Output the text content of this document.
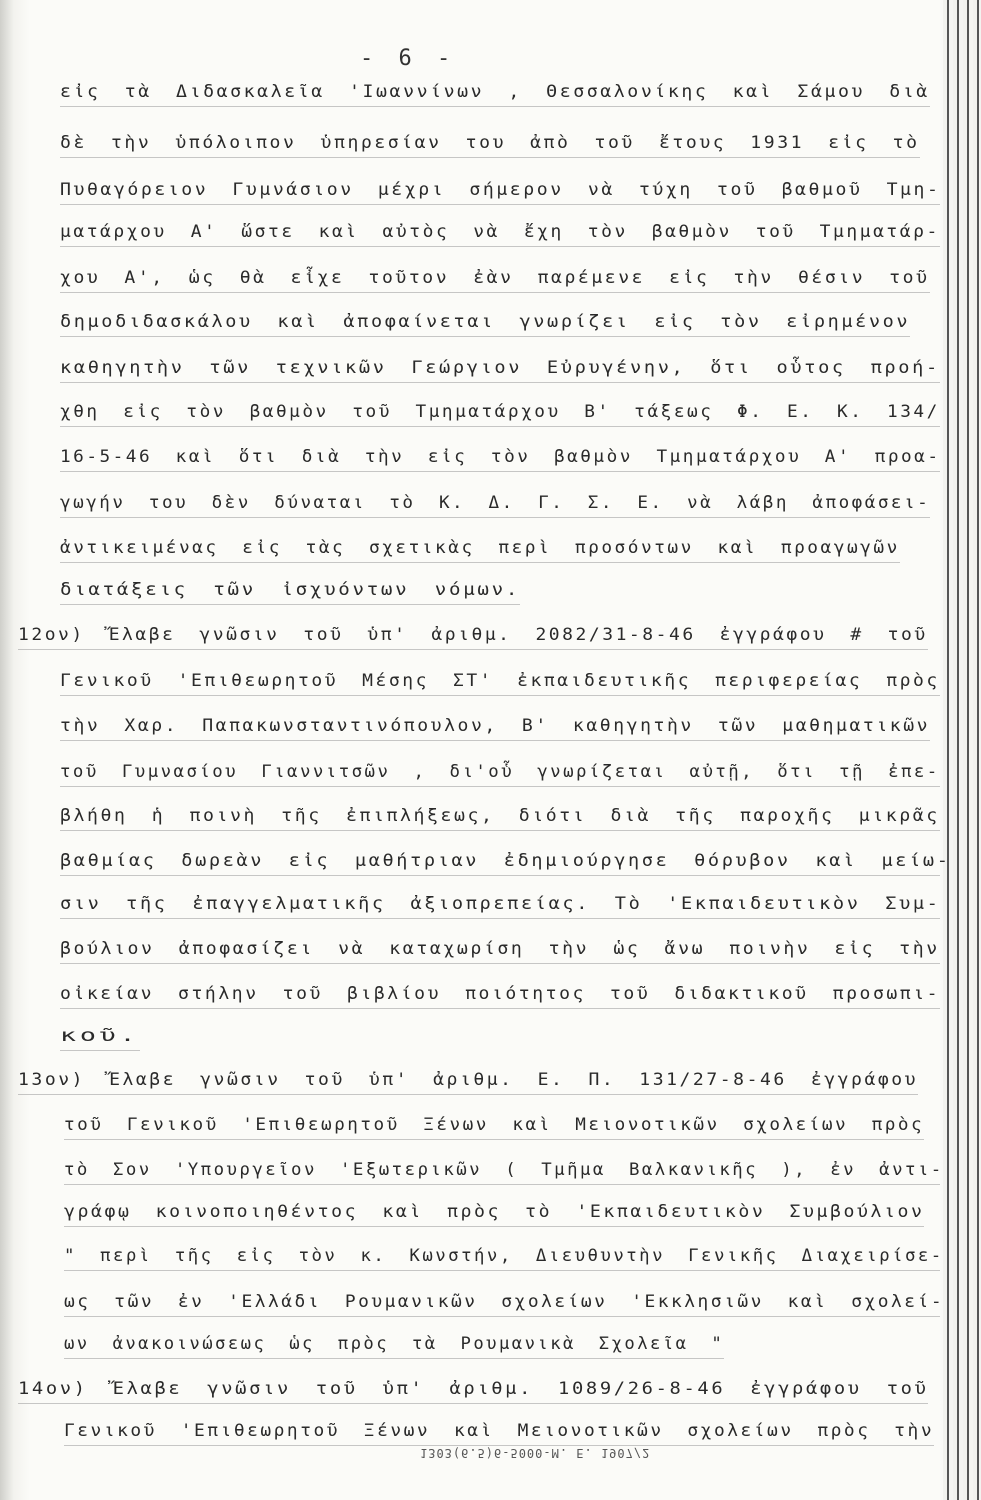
- 6 -
εἰς τὰ Διδασκαλεῖα 'Ιωαννίνων , Θεσσαλονίκης καὶ Σάμου διὰ
δὲ τὴν ὑπόλοιπον ὑπηρεσίαν του ἀπὸ τοῦ ἔτους 1931 εἰς τὸ
Πυθαγόρειον Γυμνάσιον μέχρι σήμερον νὰ τύχη τοῦ βαθμοῦ Τμη-
ματάρχου Α' ὥστε καὶ αὐτὸς νὰ ἔχη τὸν βαθμὸν τοῦ Τμηματάρ-
χου Α', ὡς θὰ εἶχε τοῦτον ἐὰν παρέμενε εἰς τὴν θέσιν τοῦ
δημοδιδασκάλου καὶ ἀποφαίνεται γνωρίζει εἰς τὸν εἰρημένον
καθηγητὴν τῶν τεχνικῶν Γεώργιον Εὐρυγένην, ὅτι οὗτος προή-
χθη εἰς τὸν βαθμὸν τοῦ Τμηματάρχου Β' τάξεως Φ. Ε. Κ. 134/
16-5-46 καὶ ὅτι διὰ τὴν εἰς τὸν βαθμὸν Τμηματάρχου Α' προα-
γωγήν του δὲν δύναται τὸ Κ. Δ. Γ. Σ. Ε. νὰ λάβη ἀποφάσει-
ἀντικειμένας εἰς τὰς σχετικὰς περὶ προσόντων καὶ προαγωγῶν
διατάξεις τῶν ἰσχυόντων νόμων.
12ον) Ἔλαβε γνῶσιν τοῦ ὑπ' ἀριθμ. 2082/31-8-46 ἐγγράφου # τοῦ
Γενικοῦ 'Επιθεωρητοῦ Μέσης ΣΤ' ἐκπαιδευτικῆς περιφερείας πρὸς
τὴν Χαρ. Παπακωνσταντινόπουλον, Β' καθηγητὴν τῶν μαθηματικῶν
τοῦ Γυμνασίου Γιαννιτσῶν , δι'οὗ γνωρίζεται αὐτῇ, ὅτι τῇ ἐπε-
βλήθη ἡ ποινὴ τῆς ἐπιπλήξεως, διότι διὰ τῆς παροχῆς μικρᾶς
βαθμίας δωρεὰν εἰς μαθήτριαν ἐδημιούργησε θόρυβον καὶ μείω-
σιν τῆς ἐπαγγελματικῆς ἀξιοπρεπείας. Τὸ 'Εκπαιδευτικὸν Συμ-
βούλιον ἀποφασίζει νὰ καταχωρίση τὴν ὡς ἄνω ποινὴν εἰς τὴν
οἰκείαν στήλην τοῦ βιβλίου ποιότητος τοῦ διδακτικοῦ προσωπι-
κοῦ.
13ον) Ἔλαβε γνῶσιν τοῦ ὑπ' ἀριθμ. Ε. Π. 131/27-8-46 ἐγγράφου
τοῦ Γενικοῦ 'Επιθεωρητοῦ Ξένων καὶ Μειονοτικῶν σχολείων πρὸς
τὸ Σον 'Υπουργεῖον 'Εξωτερικῶν ( Τμῆμα Βαλκανικῆς ), ἐν ἀντι-
γράφῳ κοινοποιηθέντος καὶ πρὸς τὸ 'Εκπαιδευτικὸν Συμβούλιον
" περὶ τῆς εἰς τὸν κ. Κωνστήν, Διευθυντὴν Γενικῆς Διαχειρίσε-
ως τῶν ἐν 'Ελλάδι Ρουμανικῶν σχολείων 'Εκκλησιῶν καὶ σχολεί-
ων ἀνακοινώσεως ὡς πρὸς τὰ Ρουμανικὰ Σχολεῖα "
14ον) Ἔλαβε γνῶσιν τοῦ ὑπ' ἀριθμ. 1089/26-8-46 ἐγγράφου τοῦ
Γενικοῦ 'Επιθεωρητοῦ Ξένων καὶ Μειονοτικῶν σχολείων πρὸς τὴν
1303(6.5)6-5000-Μ. Ε. 1907/2
